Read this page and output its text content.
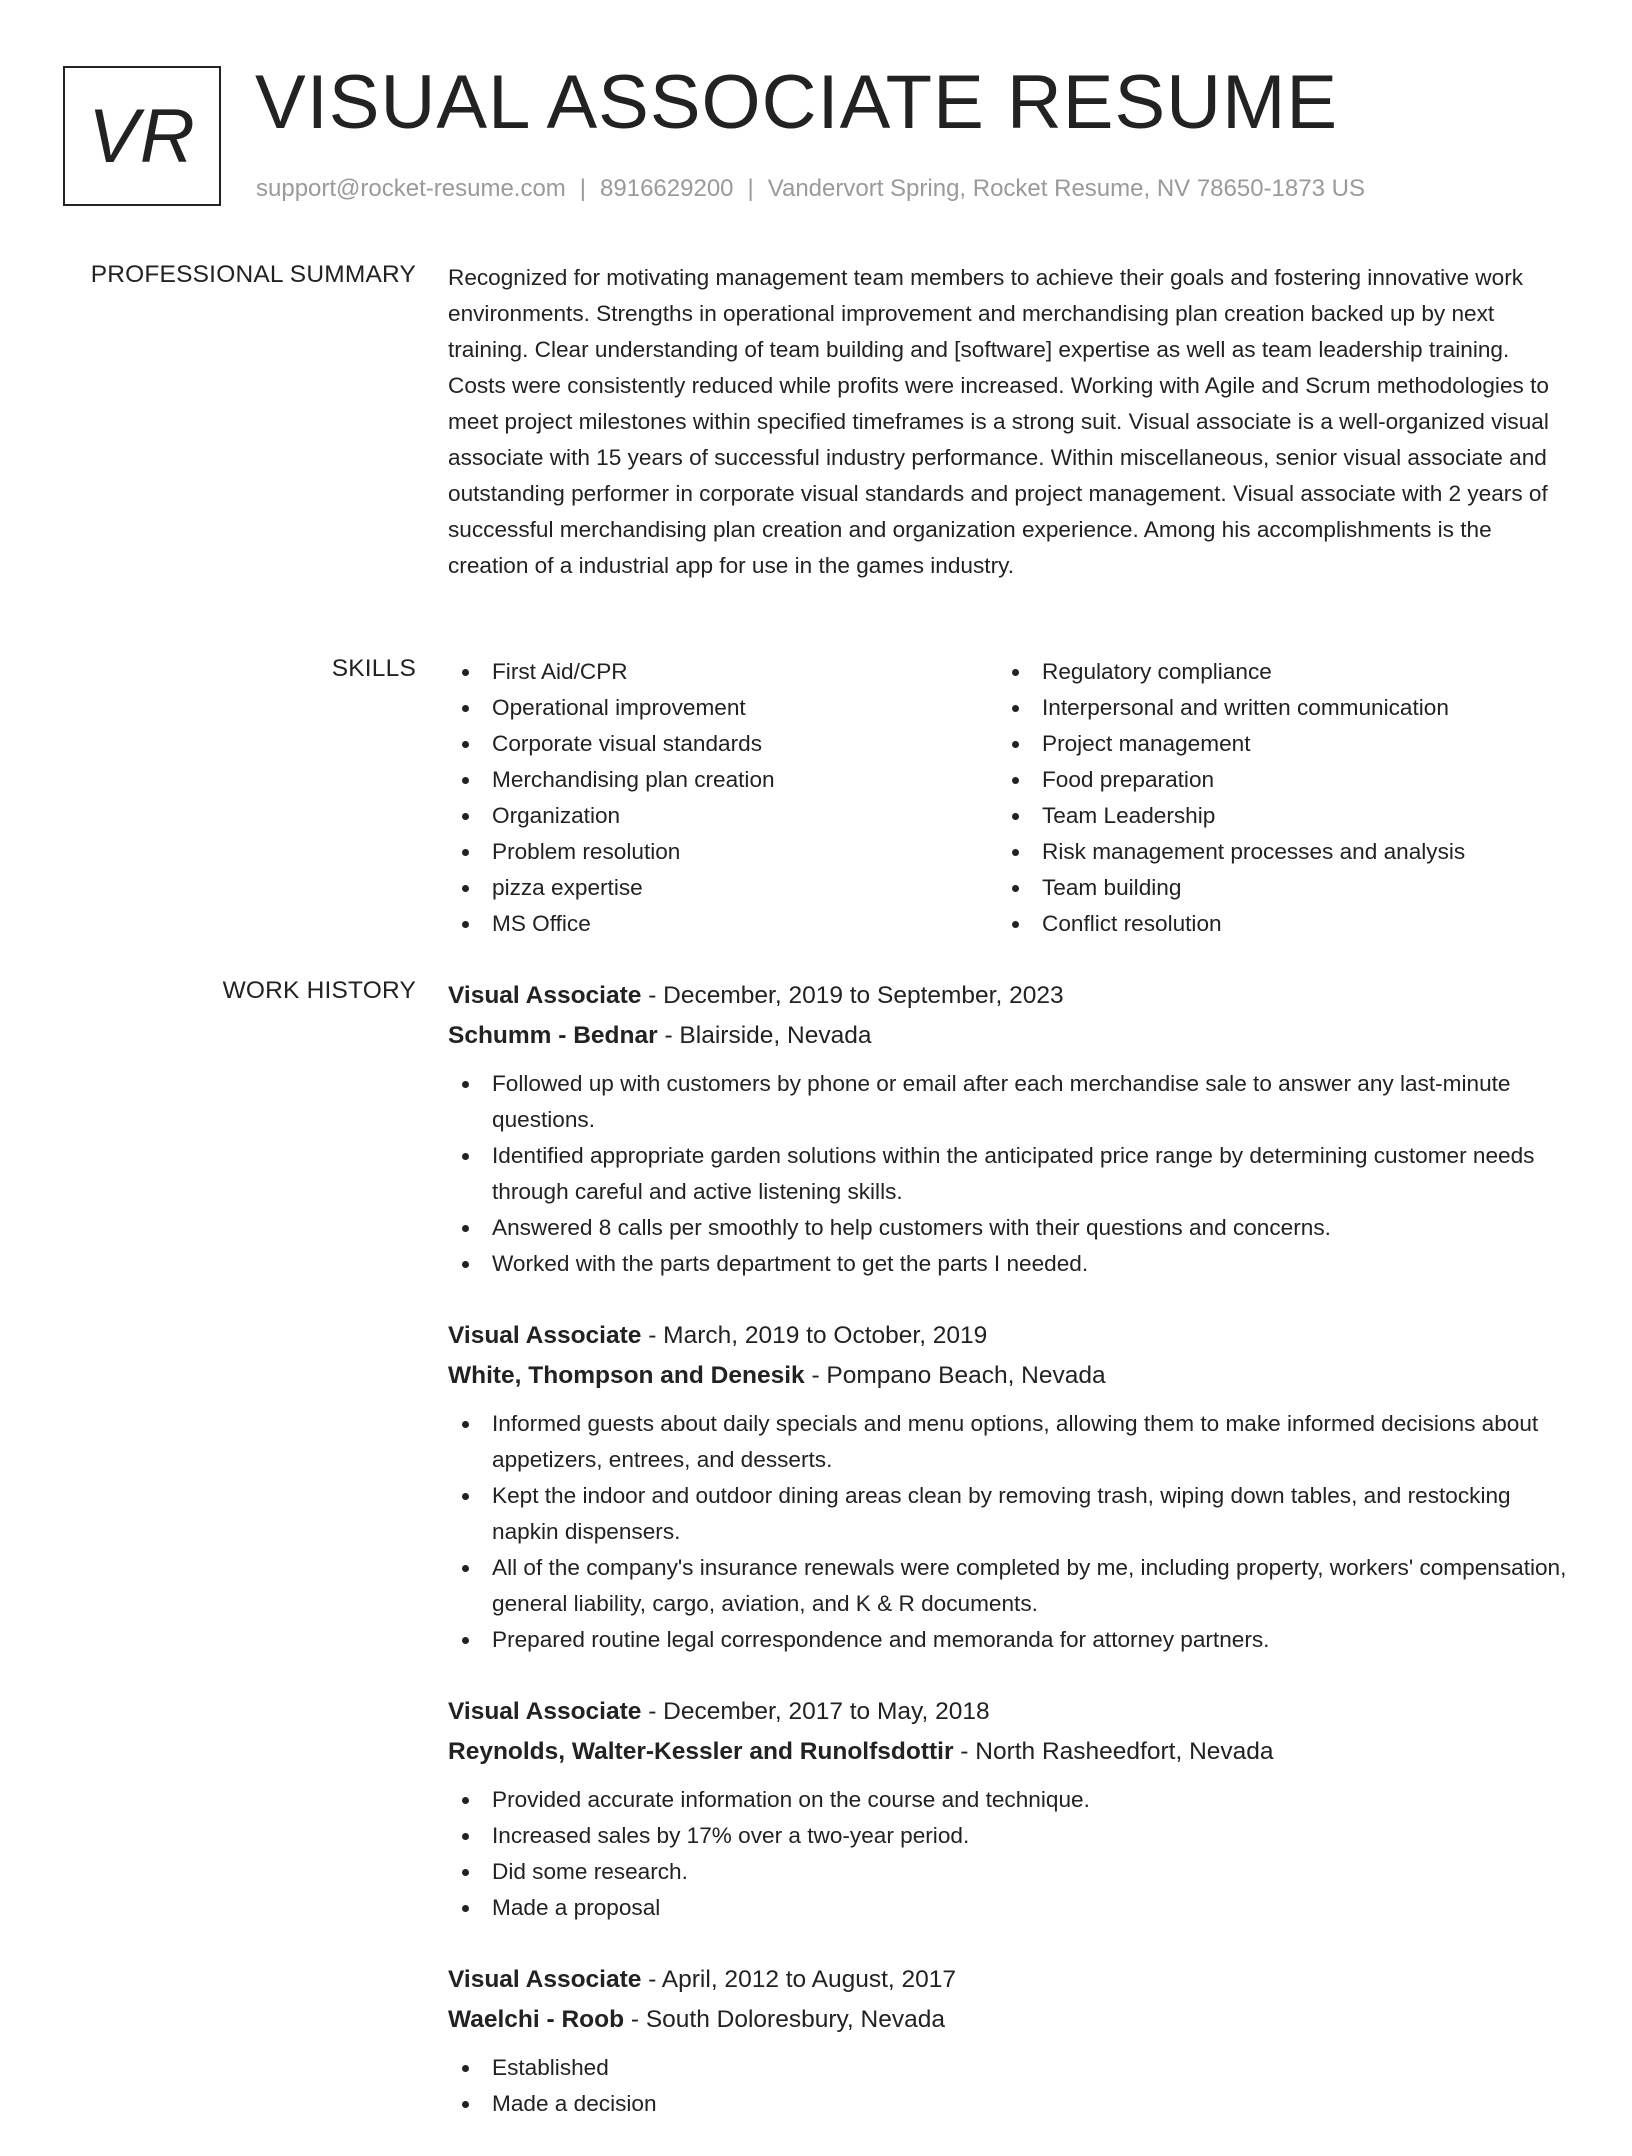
VR VISUAL ASSOCIATE RESUME
support@rocket-resume.com | 8916629200 | Vandervort Spring, Rocket Resume, NV 78650-1873 US
PROFESSIONAL SUMMARY Recognized for motivating management team members to achieve their goals and fostering innovative work environments. Strengths in operational improvement and merchandising plan creation backed up by next training. Clear understanding of team building and [software] expertise as well as team leadership training. Costs were consistently reduced while profits were increased. Working with Agile and Scrum methodologies to meet project milestones within specified timeframes is a strong suit. Visual associate is a well-organized visual associate with 15 years of successful industry performance. Within miscellaneous, senior visual associate and outstanding performer in corporate visual standards and project management. Visual associate with 2 years of successful merchandising plan creation and organization experience. Among his accomplishments is the creation of a industrial app for use in the games industry.

SKILLS	First Aid/CPR
Operational improvement
Corporate visual standards
Merchandising plan creation
Organization
Problem resolution
pizza expertise
MS Office
Regulatory compliance
Interpersonal and written communication
Project management
Food preparation
Team Leadership
Risk management processes and analysis
Team building
Conflict resolution
WORK HISTORY Visual Associate - December, 2019 to September, 2023
Schumm - Bednar - Blairside, Nevada
Followed up with customers by phone or email after each merchandise sale to answer any last-minute questions.
Identified appropriate garden solutions within the anticipated price range by determining customer needs through careful and active listening skills.
Answered 8 calls per smoothly to help customers with their questions and concerns.
Worked with the parts department to get the parts I needed.
Visual Associate - March, 2019 to October, 2019
White, Thompson and Denesik - Pompano Beach, Nevada
Informed guests about daily specials and menu options, allowing them to make informed decisions about appetizers, entrees, and desserts.
Kept the indoor and outdoor dining areas clean by removing trash, wiping down tables, and restocking napkin dispensers.
All of the company's insurance renewals were completed by me, including property, workers' compensation, general liability, cargo, aviation, and K & R documents.
Prepared routine legal correspondence and memoranda for attorney partners.
Visual Associate - December, 2017 to May, 2018
Reynolds, Walter-Kessler and Runolfsdottir - North Rasheedfort, Nevada
Provided accurate information on the course and technique.
Increased sales by 17% over a two-year period.
Did some research.
Made a proposal
Visual Associate - April, 2012 to August, 2017
Waelchi - Roob - South Doloresbury, Nevada
Established
Made a decision
